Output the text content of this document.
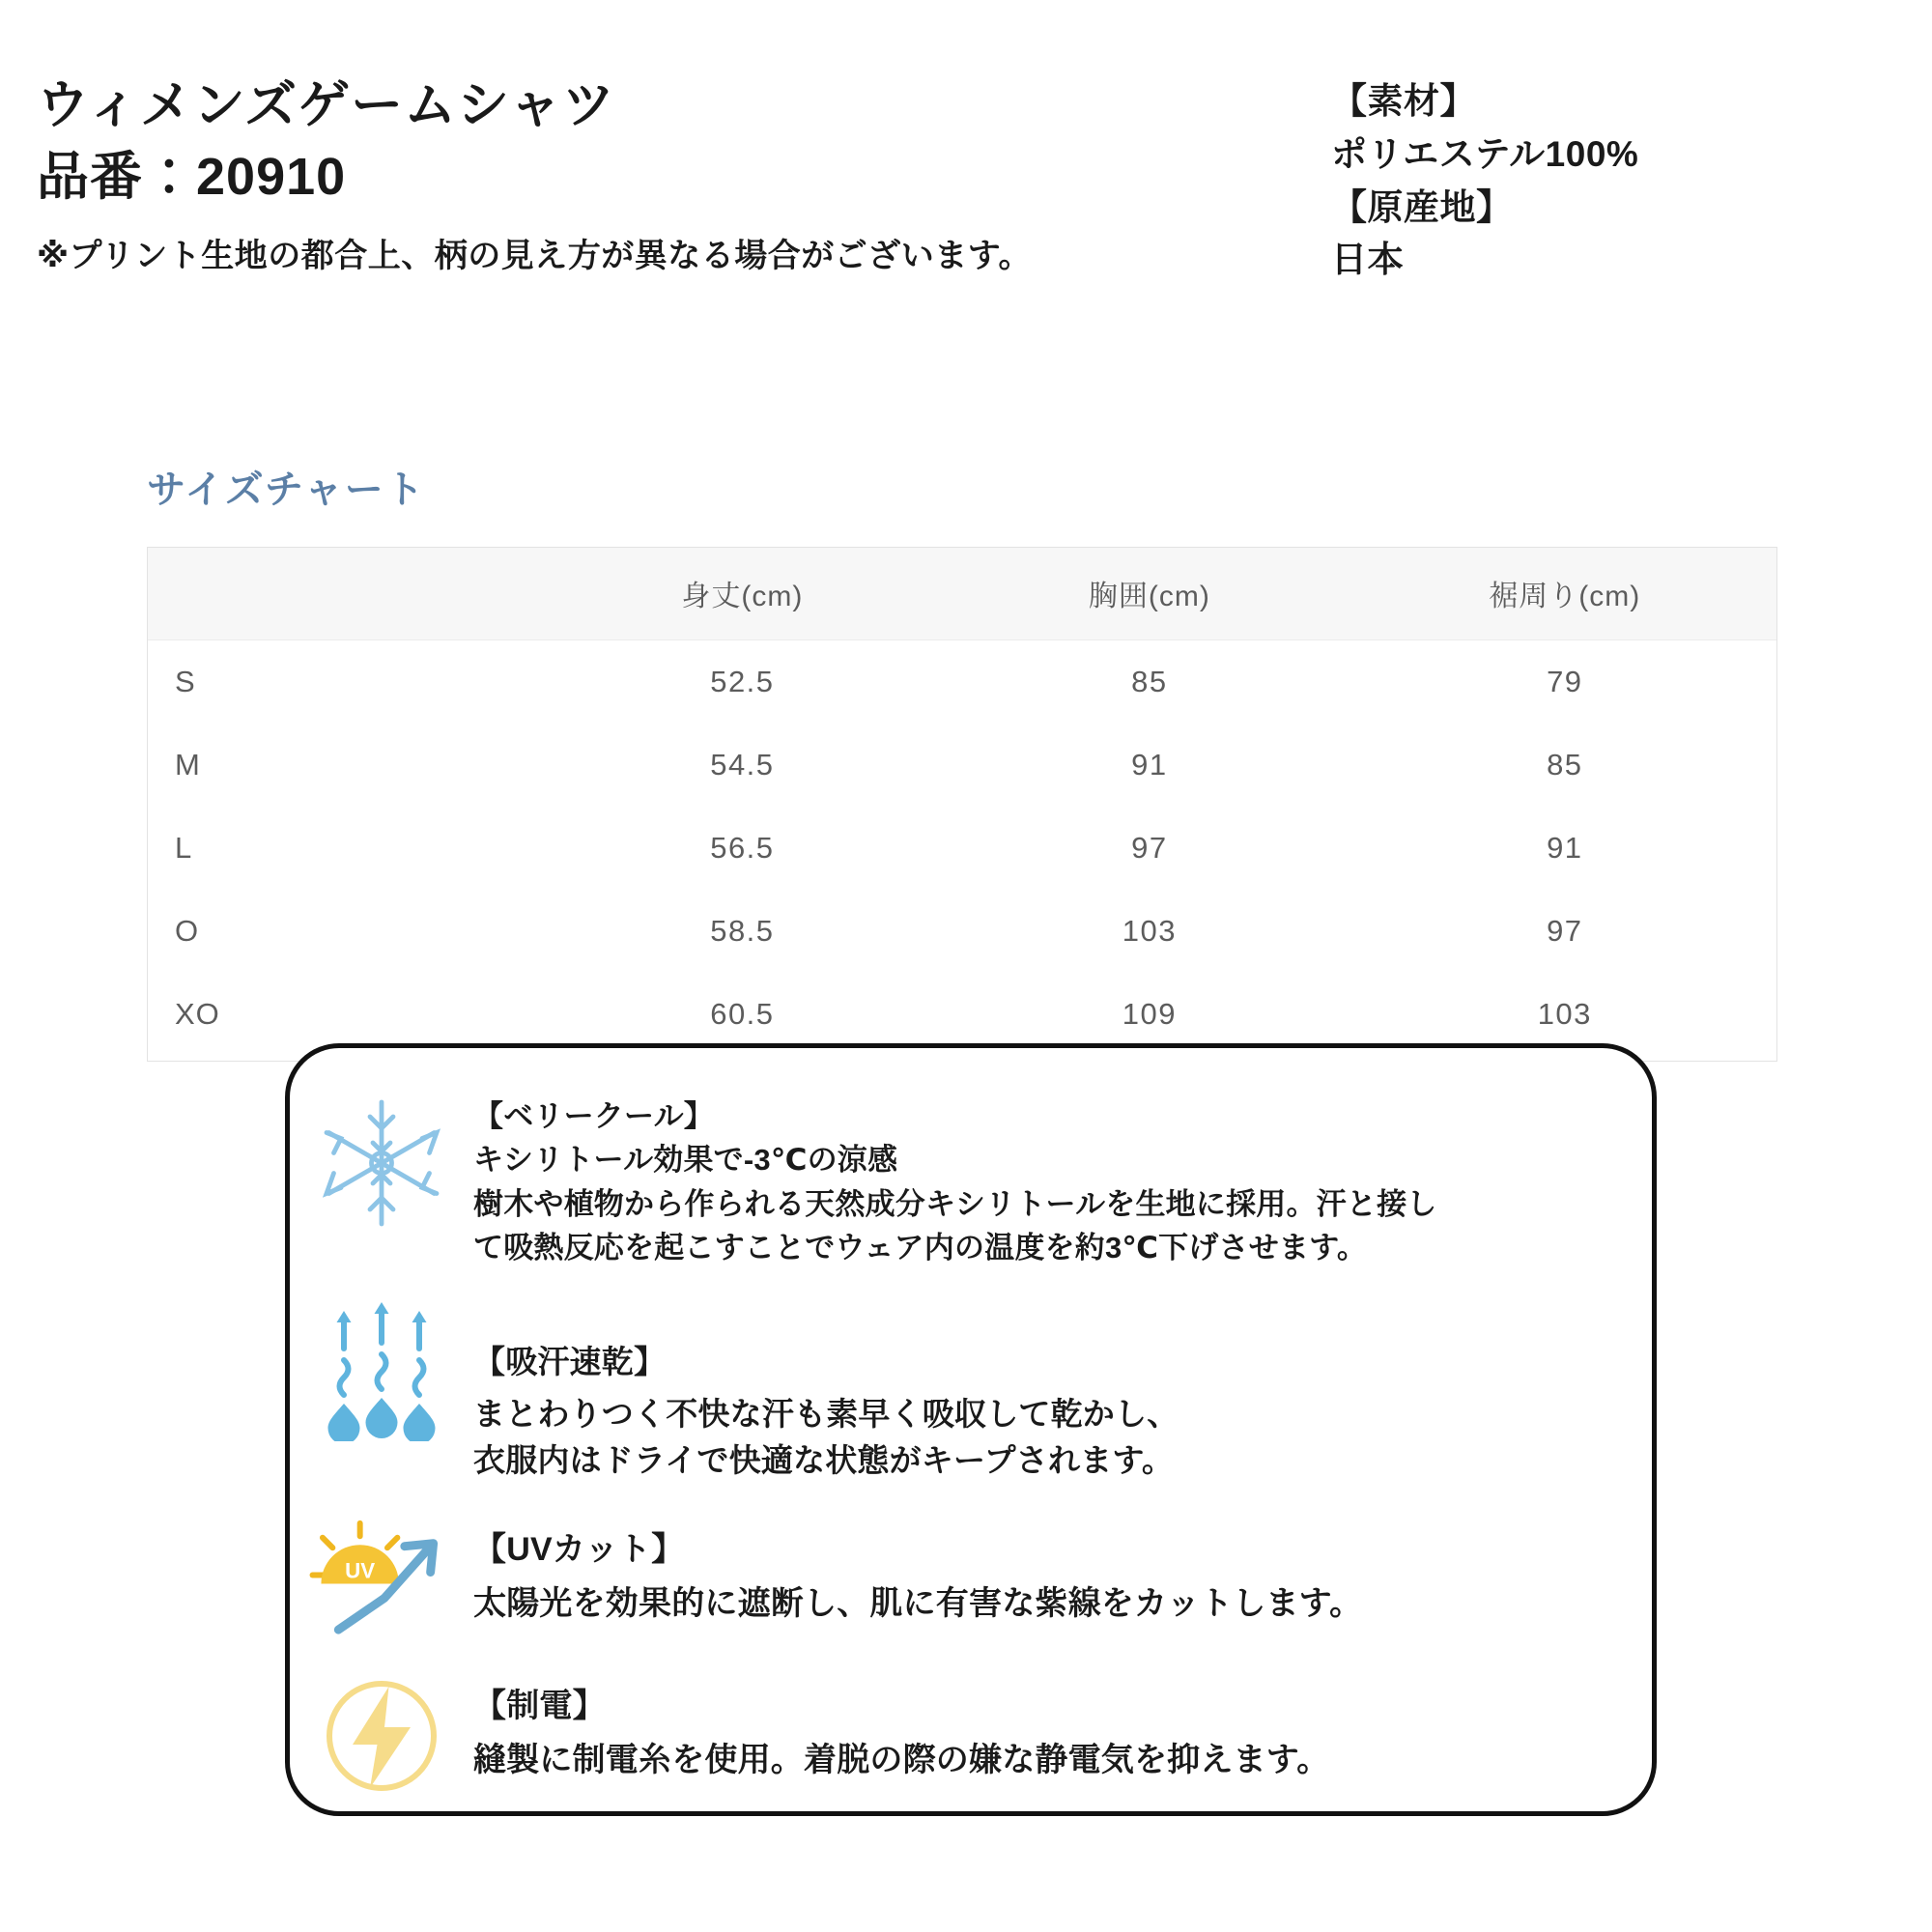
ウィメンズゲームシャツ
品番：20910
※プリント生地の都合上、柄の見え方が異なる場合がございます。
【素材】
ポリエステル100%
【原産地】
日本
サイズチャート
	身丈(cm)	胸囲(cm)	裾周り(cm)
S	52.5	85	79
M	54.5	91	85
L	56.5	97	91
O	58.5	103	97
XO	60.5	109	103
【ベリークール】
キシリトール効果で-3℃の涼感
樹木や植物から作られる天然成分キシリトールを生地に採用。汗と接し
て吸熱反応を起こすことでウェア内の温度を約3℃下げさせます。
【吸汗速乾】
まとわりつく不快な汗も素早く吸収して乾かし、
衣服内はドライで快適な状態がキープされます。
UV
【UVカット】
太陽光を効果的に遮断し、肌に有害な紫線をカットします。
【制電】
縫製に制電糸を使用。着脱の際の嫌な静電気を抑えます。
